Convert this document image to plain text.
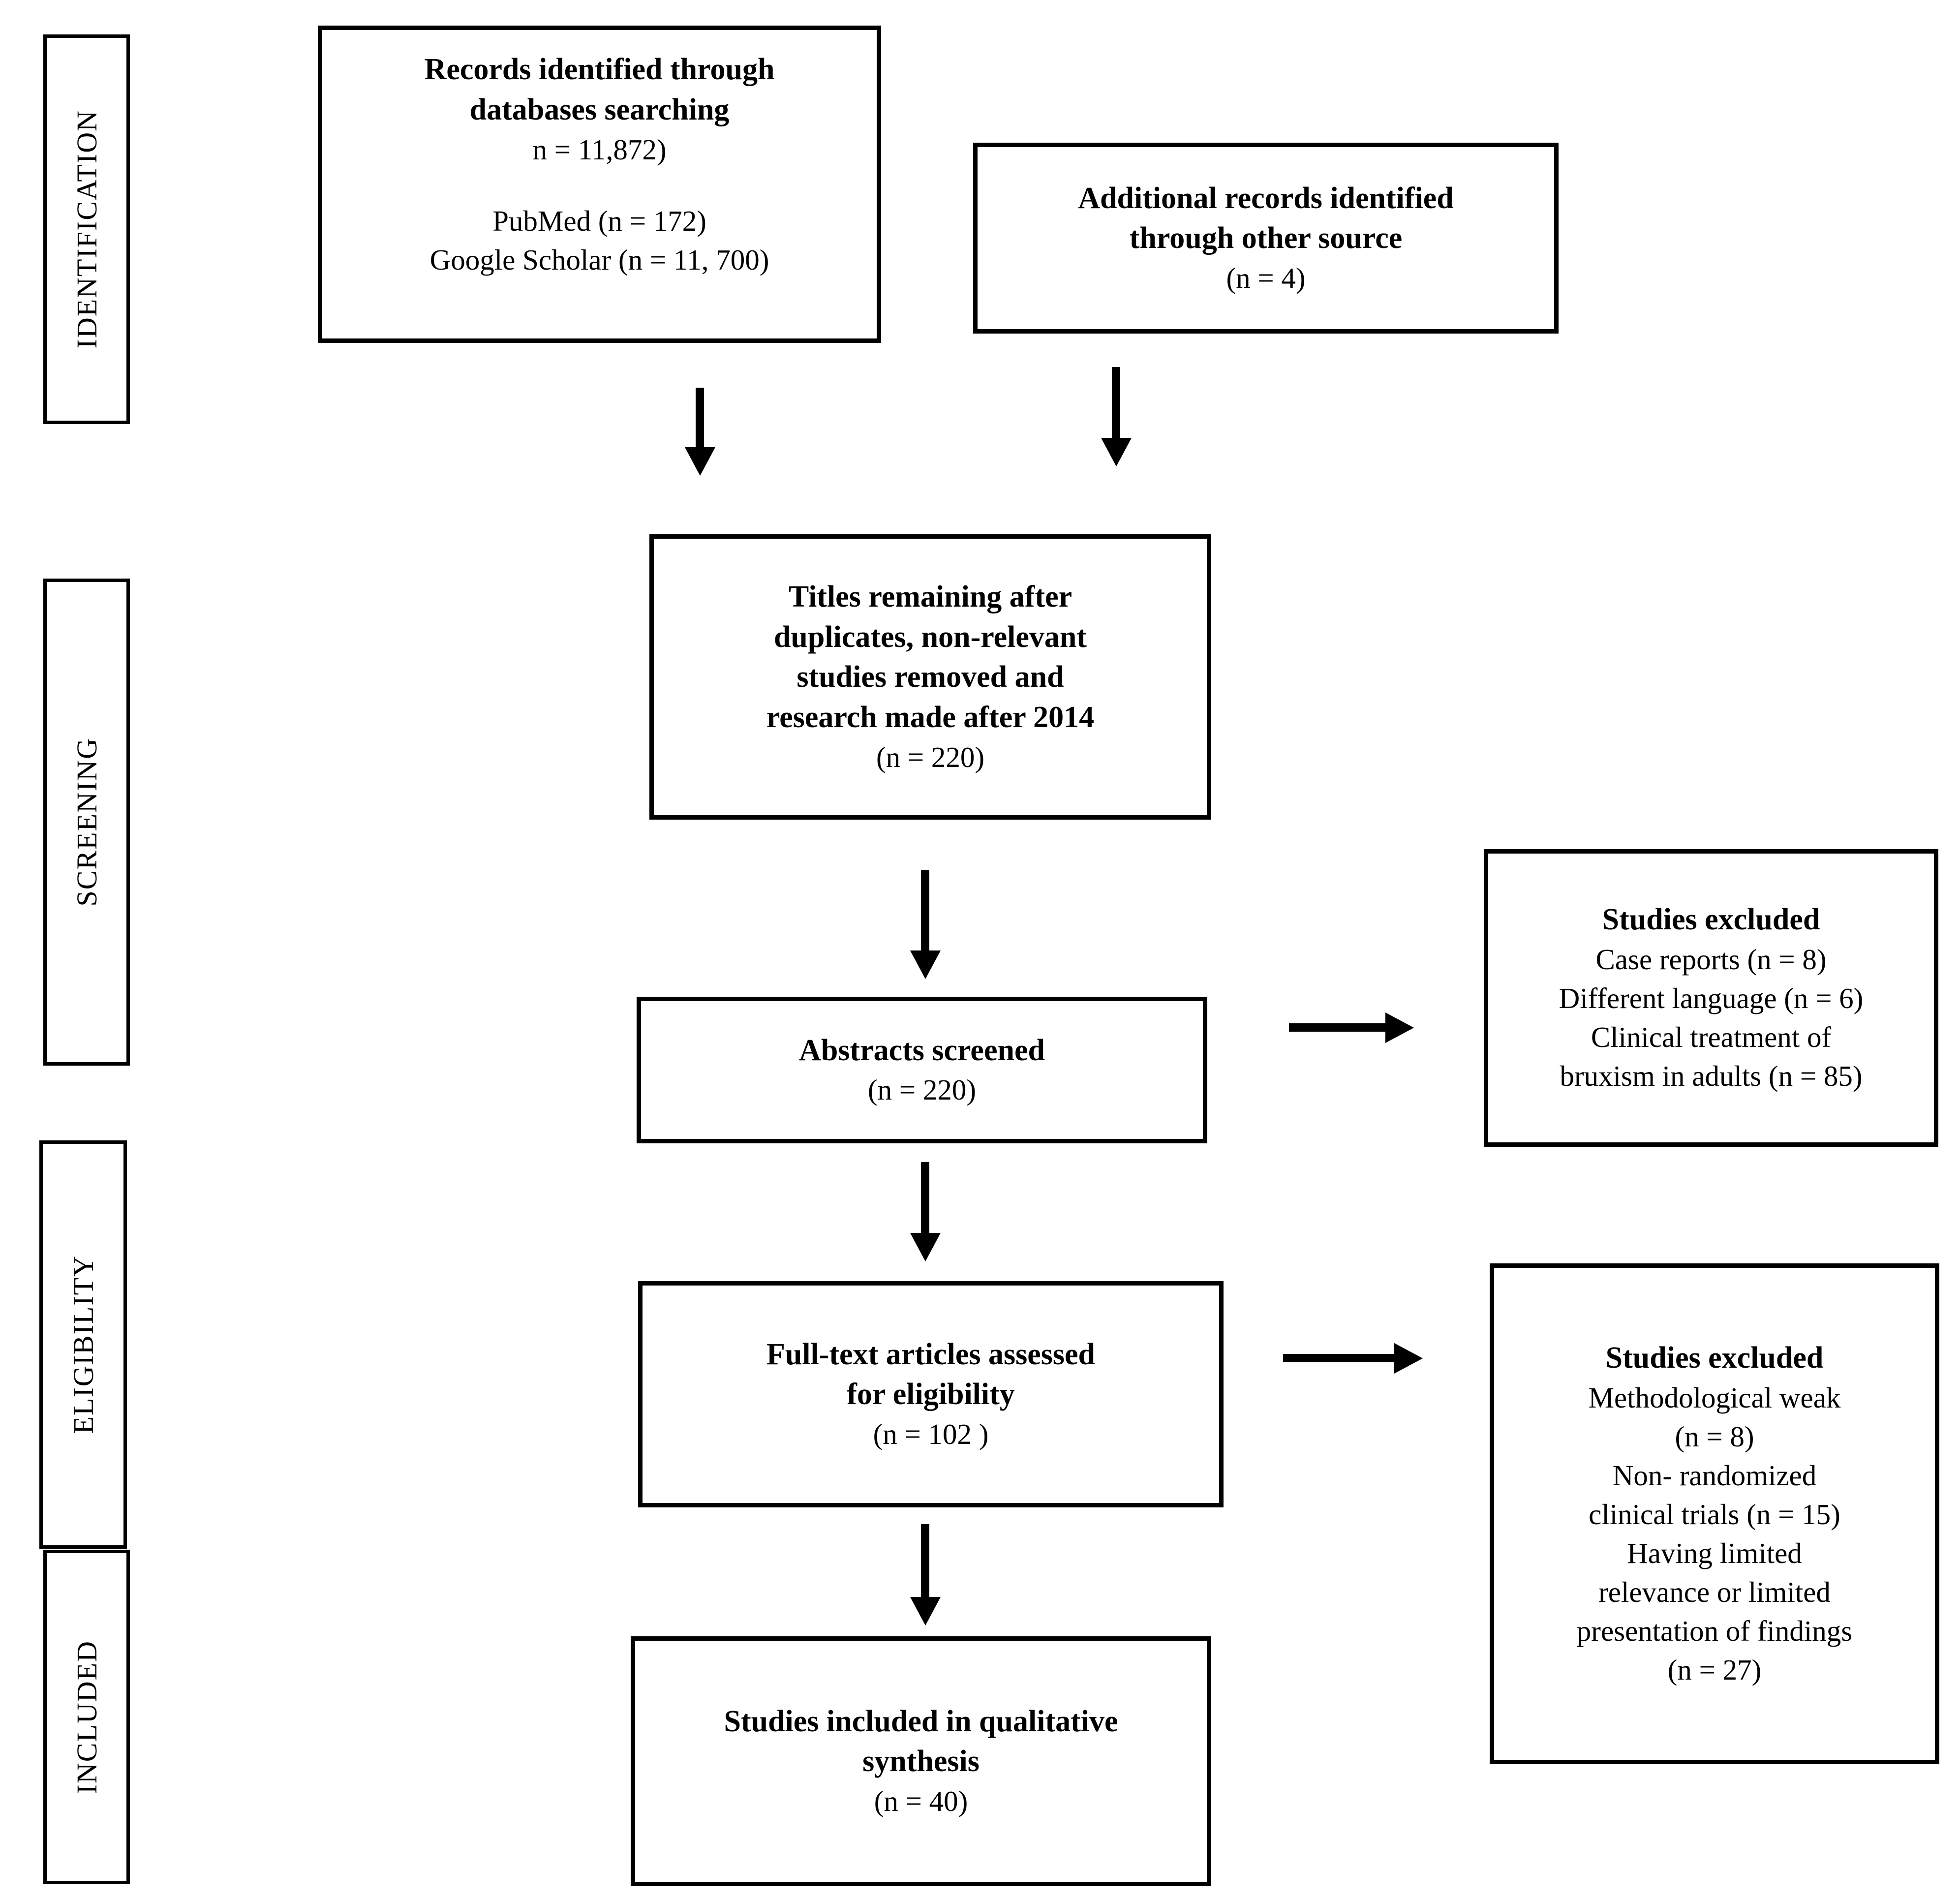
IDENTIFICATION
SCREENING
ELIGIBILITY
INCLUDED
Records identified through
databases searching
n = 11,872)
PubMed (n = 172)
Google Scholar (n = 11, 700)
Additional records identified
through other source
(n = 4)
Titles remaining after
duplicates, non-relevant
studies removed and
research made after 2014
(n = 220)
Abstracts screened
(n = 220)
Studies excluded
Case reports (n = 8)
Different language (n = 6)
Clinical treatment of
bruxism in adults (n = 85)
Full-text articles assessed
for eligibility
(n = 102 )
Studies excluded
Methodological weak
(n = 8)
Non- randomized
clinical trials (n = 15)
Having limited
relevance or limited
presentation of findings
(n = 27)
Studies included in qualitative
synthesis
(n = 40)
